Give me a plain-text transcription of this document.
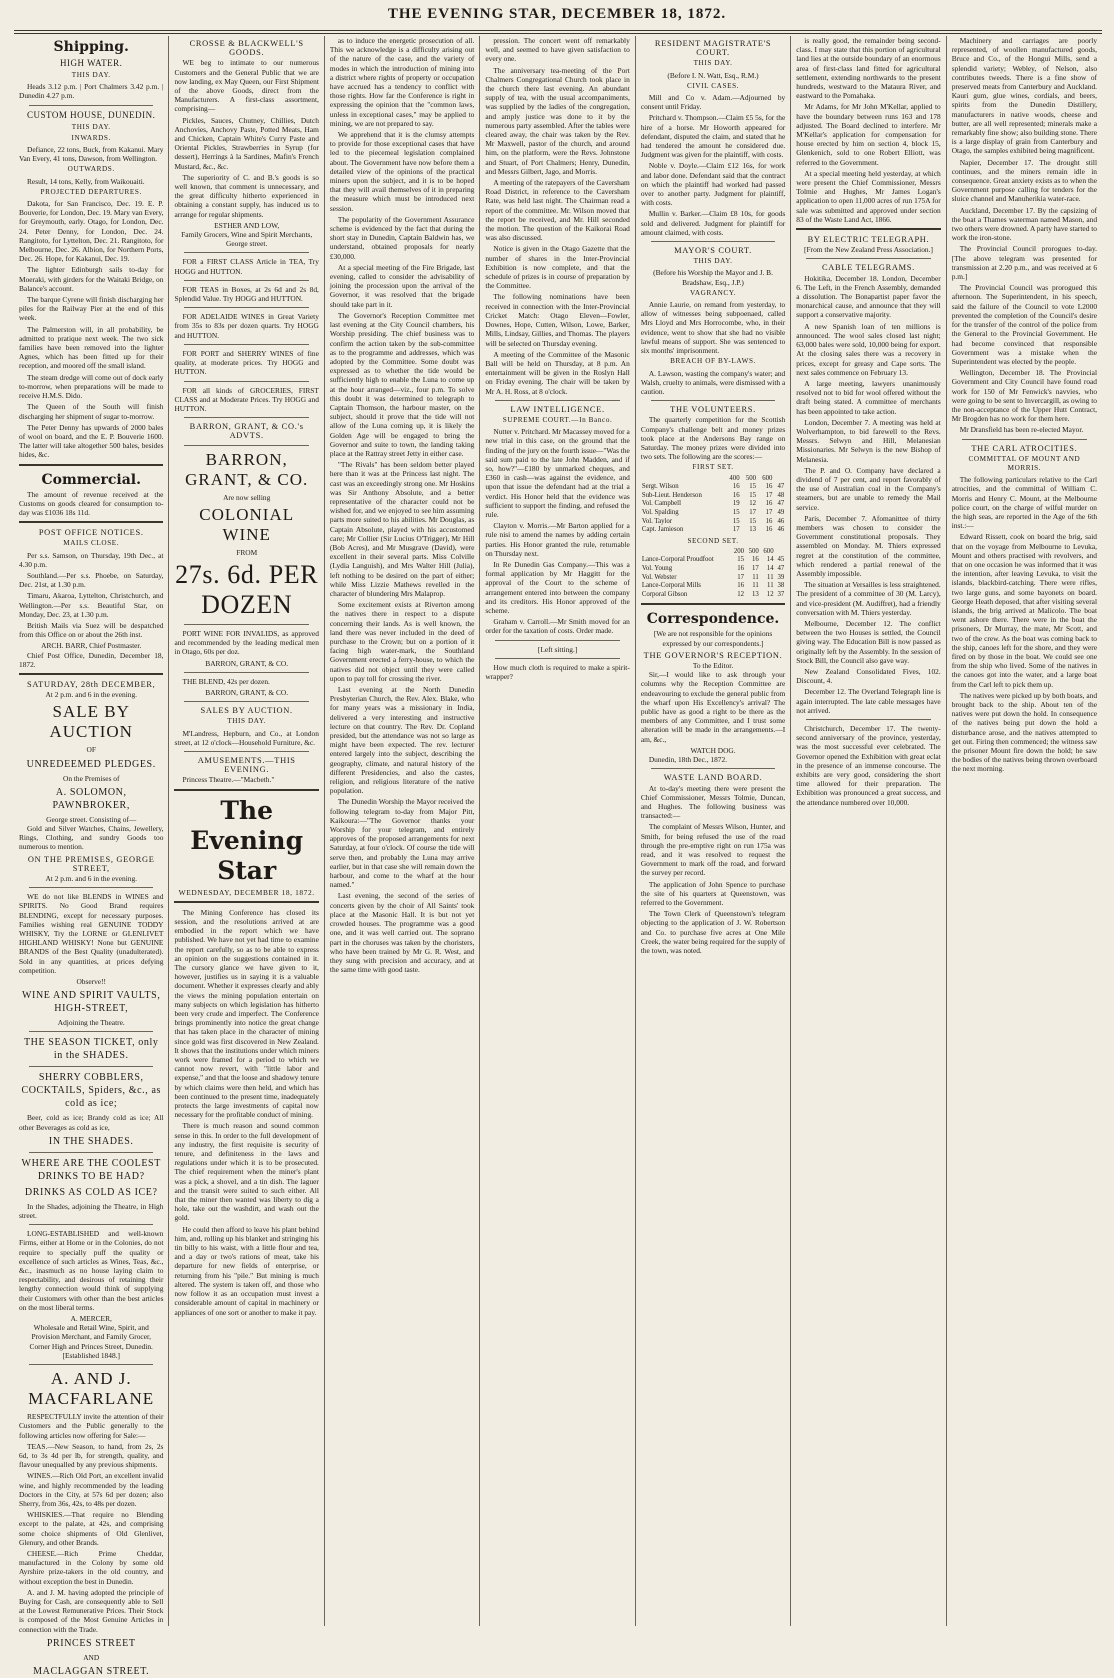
THE EVENING STAR, DECEMBER 18, 1872.
Shipping.
HIGH WATER.
THIS DAY.
Heads 3.12 p.m. | Port Chalmers 3.42 p.m. | Dunedin 4.27 p.m.
CUSTOM HOUSE, DUNEDIN.
THIS DAY.
INWARDS.
Defiance, 22 tons, Buck, from Kakanui. Mary Van Every, 41 tons, Dawson, from Wellington.
OUTWARDS.
Result, 14 tons, Kelly, from Waikouaiti.
PROJECTED DEPARTURES.
Dakota, for San Francisco, Dec. 19. E. P. Bouverie, for London, Dec. 19. Mary van Every, for Greymouth, early. Otago, for London, Dec. 24. Peter Denny, for London, Dec. 24. Rangitoto, for Lyttelton, Dec. 21. Rangitoto, for Melbourne, Dec. 26. Albion, for Northern Ports, Dec. 26. Hope, for Kakanui, Dec. 19.
The lighter Edinburgh sails to-day for Moeraki, with girders for the Waitaki Bridge, on Balance's account.
The barque Cyrene will finish discharging her piles for the Railway Pier at the end of this week.
The Palmerston will, in all probability, be admitted to pratique next week. The two sick families have been removed into the lighter Agnes, which has been fitted up for their reception, and moored off the small island.
The steam dredge will come out of dock early to-morrow, when preparations will be made to receive H.M.S. Dido.
The Queen of the South will finish discharging her shipment of sugar to-morrow.
The Peter Denny has upwards of 2000 bales of wool on board, and the E. P. Bouverie 1600. The latter will take altogether 500 bales, besides hides, &c.
Commercial.
The amount of revenue received at the Customs on goods cleared for consumption to-day was £1036 18s 11d.
POST OFFICE NOTICES.
MAILS CLOSE.
Per s.s. Samson, on Thursday, 19th Dec., at 4.30 p.m.
Southland.—Per s.s. Phoebe, on Saturday, Dec. 21st, at 1.30 p.m.
Timaru, Akaroa, Lyttelton, Christchurch, and Wellington.—Per s.s. Beautiful Star, on Monday, Dec. 23, at 1.30 p.m.
British Mails via Suez will be despatched from this Office on or about the 26th inst.
ARCH. BARR, Chief Postmaster.
Chief Post Office, Dunedin, December 18, 1872.
SATURDAY, 28th DECEMBER,
At 2 p.m. and 6 in the evening.
SALE BY AUCTION
OF
UNREDEEMED PLEDGES.
On the Premises of
A. SOLOMON, PAWNBROKER,
George street. Consisting of—
Gold and Silver Watches, Chains, Jewellery, Rings, Clothing, and sundry Goods too numerous to mention.
ON THE PREMISES, GEORGE STREET,
At 2 p.m. and 6 in the evening.
WE do not like BLENDS in WINES and SPIRITS. No Good Brand requires BLENDING, except for necessary purposes. Families wishing real GENUINE TODDY WHISKY, Try the LORNE or GLENLIVET HIGHLAND WHISKY! None but GENUINE BRANDS of the Best Quality (unadulterated). Sold in any quantities, at prices defying competition.
Observe!!
WINE AND SPIRIT VAULTS, HIGH-STREET,
Adjoining the Theatre.
THE SEASON TICKET, only in the SHADES.
SHERRY COBBLERS, COCKTAILS, Spiders, &c., as cold as ice;
Beer, cold as ice; Brandy cold as ice; All other Beverages as cold as ice,
IN THE SHADES.
WHERE ARE THE COOLEST DRINKS TO BE HAD?
DRINKS AS COLD AS ICE?
In the Shades, adjoining the Theatre, in High street.
LONG-ESTABLISHED and well-known Firms, either at Home or in the Colonies, do not require to specially puff the quality or excellence of such articles as Wines, Teas, &c., &c., inasmuch as no house laying claim to respectability, and desirous of retaining their lengthy connection would think of supplying their Customers with other than the best articles on the most liberal terms.
A. MERCER,
Wholesale and Retail Wine, Spirit, and Provision Merchant, and Family Grocer,
Corner High and Princes Street, Dunedin.
[Established 1848.]
A. AND J. MACFARLANE
RESPECTFULLY invite the attention of their Customers and the Public generally to the following articles now offering for Sale:—
TEAS.—New Season, to hand, from 2s, 2s 6d, to 3s 4d per lb, for strength, quality, and flavour unequalled by any previous shipments.
WINES.—Rich Old Port, an excellent invalid wine, and highly recommended by the leading Doctors in the City, at 57s 6d per dozen; also Sherry, from 36s, 42s, to 48s per dozen.
WHISKIES.—That require no Blending except to the palate, at 42s, and comprising some choice shipments of Old Glenlivet, Glenury, and other Brands.
CHEESE.—Rich Prime Cheddar, manufactured in the Colony by some old Ayrshire prize-takers in the old country, and without exception the best in Dunedin.
A. and J. M. having adopted the principle of Buying for Cash, are consequently able to Sell at the Lowest Remunerative Prices. Their Stock is composed of the Most Genuine Articles in connection with the Trade.
PRINCES STREET
AND
MACLAGGAN STREET.
CROSSE & BLACKWELL'S GOODS.
WE beg to intimate to our numerous Customers and the General Public that we are now landing, ex May Queen, our First Shipment of the above Goods, direct from the Manufacturers. A first-class assortment, comprising—
Pickles, Sauces, Chutney, Chillies, Dutch Anchovies, Anchovy Paste, Potted Meats, Ham and Chicken, Captain White's Curry Paste and Oriental Pickles, Strawberries in Syrup (for dessert), Herrings à la Sardines, Mafin's French Mustard, &c., &c.
The superiority of C. and B.'s goods is so well known, that comment is unnecessary, and the great difficulty hitherto experienced in obtaining a constant supply, has induced us to arrange for regular shipments.
ESTHER AND LOW,
Family Grocers, Wine and Spirit Merchants, George street.
FOR a FIRST CLASS Article in TEA, Try HOGG and HUTTON.
FOR TEAS in Boxes, at 2s 6d and 2s 8d, Splendid Value. Try HOGG and HUTTON.
FOR ADELAIDE WINES in Great Variety from 35s to 83s per dozen quarts. Try HOGG and HUTTON.
FOR PORT and SHERRY WINES of fine quality, at moderate prices. Try HOGG and HUTTON.
FOR all kinds of GROCERIES, FIRST CLASS and at Moderate Prices. Try HOGG and HUTTON.
BARRON, GRANT, & CO.'s ADVTS.
BARRON, GRANT, & CO.
Are now selling
COLONIAL WINE
FROM
27s. 6d. PER DOZEN
PORT WINE FOR INVALIDS, as approved and recommended by the leading medical men in Otago, 60s per doz.
BARRON, GRANT, & CO.
THE BLEND, 42s per dozen.
BARRON, GRANT, & CO.
SALES BY AUCTION.
THIS DAY.
M'Landress, Hepburn, and Co., at London street, at 12 o'clock—Household Furniture, &c.
AMUSEMENTS.—THIS EVENING.
Princess Theatre.—"Macbeth."
The Evening Star
WEDNESDAY, DECEMBER 18, 1872.
The Mining Conference has closed its session, and the resolutions arrived at are embodied in the report which we have published. We have not yet had time to examine the report carefully, so as to be able to express an opinion on the suggestions contained in it. The cursory glance we have given to it, however, justifies us in saying it is a valuable document. Whether it expresses clearly and ably the views the mining population entertain on many subjects on which legislation has hitherto been very crude and imperfect. The Conference brings prominently into notice the great change that has taken place in the character of mining since gold was first discovered in New Zealand. It shows that the institutions under which miners work were framed for a period to which we cannot now revert, with "little labor and expense," and that the loose and shadowy tenure by which claims were then held, and which has been continued to the present time, inadequately protects the large investments of capital now necessary for the profitable conduct of mining.
There is much reason and sound common sense in this. In order to the full development of any industry, the first requisite is security of tenure, and definiteness in the laws and regulations under which it is to be prosecuted. The chief requirement when the miner's plant was a pick, a shovel, and a tin dish. The laguer and the transit were suited to such either. All that the miner then wanted was liberty to dig a hole, take out the washdirt, and wash out the gold.
He could then afford to leave his plant behind him, and, rolling up his blanket and stringing his tin billy to his waist, with a little flour and tea, and a day or two's rations of meat, take his departure for new fields of enterprise, or returning from his "pile." But mining is much altered. The system is taken off, and those who now follow it as an occupation must invest a considerable amount of capital in machinery or appliances of one sort or another to make it pay.
as to induce the energetic prosecution of all. This we acknowledge is a difficulty arising out of the nature of the case, and the variety of modes in which the introduction of mining into a district where rights of property or occupation have accrued has a tendency to conflict with those rights. How far the Conference is right in expressing the opinion that the "common laws, unless in exceptional cases," may be applied to mining, we are not prepared to say.
We apprehend that it is the clumsy attempts to provide for those exceptional cases that have led to the piecemeal legislation complained about. The Government have now before them a detailed view of the opinions of the practical miners upon the subject, and it is to be hoped that they will avail themselves of it in preparing the measure which must be introduced next session.
The popularity of the Government Assurance scheme is evidenced by the fact that during the short stay in Dunedin, Captain Baldwin has, we understand, obtained proposals for nearly £30,000.
At a special meeting of the Fire Brigade, last evening, called to consider the advisability of joining the procession upon the arrival of the Governor, it was resolved that the brigade should take part in it.
The Governor's Reception Committee met last evening at the City Council chambers, his Worship presiding. The chief business was to confirm the action taken by the sub-committee as to the programme and addresses, which was adopted by the Committee. Some doubt was expressed as to whether the tide would be sufficiently high to enable the Luna to come up at the hour arranged—viz., four p.m. To solve this doubt it was determined to telegraph to Captain Thomson, the harbour master, on the subject, should it prove that the tide will not allow of the Luna coming up, it is likely the Golden Age will be engaged to bring the Governor and suite to town, the landing taking place at the Rattray street Jetty in either case.
"The Rivals" has been seldom better played here than it was at the Princess last night. The cast was an exceedingly strong one. Mr Hoskins was Sir Anthony Absolute, and a better representative of the character could not be wished for, and we enjoyed to see him assuming parts more suited to his abilities. Mr Douglas, as Captain Absolute, played with his accustomed care; Mr Collier (Sir Lucius O'Trigger), Mr Hill (Bob Acres), and Mr Musgrave (David), were excellent in their several parts. Miss Colville (Lydia Languish), and Mrs Walter Hill (Julia), left nothing to be desired on the part of either; while Miss Lizzie Mathews revelled in the character of blundering Mrs Malaprop.
Some excitement exists at Riverton among the natives there in respect to a dispute concerning their lands. As is well known, the land there was never included in the deed of purchase to the Crown; but on a portion of it facing high water-mark, the Southland Government erected a ferry-house, to which the natives did not object until they were called upon to pay toll for crossing the river.
Last evening at the North Dunedin Presbyterian Church, the Rev. Alex. Blake, who for many years was a missionary in India, delivered a very interesting and instructive lecture on that country. The Rev. Dr. Copland presided, but the attendance was not so large as might have been expected. The rev. lecturer entered largely into the subject, describing the geography, climate, and natural history of the different Presidencies, and also the castes, religion, and religious literature of the native population.
The Dunedin Worship the Mayor received the following telegram to-day from Major Pitt, Kaikoura:—"The Governor thanks your Worship for your telegram, and entirely approves of the proposed arrangements for next Saturday, at four o'clock. Of course the tide will serve then, and probably the Luna may arrive earlier, but in that case she will remain down the harbour, and come to the wharf at the hour named."
Last evening, the second of the series of concerts given by the choir of All Saints' took place at the Masonic Hall. It is but not yet crowded houses. The programme was a good one, and it was well carried out. The soprano part in the choruses was taken by the choristers, who have been trained by Mr G. R. West, and they sung with precision and accuracy, and at the same time with good taste.
pression. The concert went off remarkably well, and seemed to have given satisfaction to every one.
The anniversary tea-meeting of the Port Chalmers Congregational Church took place in the church there last evening. An abundant supply of tea, with the usual accompaniments, was supplied by the ladies of the congregation, and amply justice was done to it by the numerous party assembled. After the tables were cleared away, the chair was taken by the Rev. Mr Maxwell, pastor of the church, and around him, on the platform, were the Revs. Johnstone and Stuart, of Port Chalmers; Henry, Dunedin, and Messrs Gilbert, Jago, and Morris.
A meeting of the ratepayers of the Caversham Road District, in reference to the Caversham Rate, was held last night. The Chairman read a report of the committee. Mr. Wilson moved that the report be received, and Mr. Hill seconded the motion. The question of the Kaikorai Road was also discussed.
Notice is given in the Otago Gazette that the number of shares in the Inter-Provincial Exhibition is now complete, and that the schedule of prizes is in course of preparation by the Committee.
The following nominations have been received in connection with the Inter-Provincial Cricket Match: Otago Eleven—Fowler, Downes, Hope, Cutten, Wilson, Lowe, Barker, Mills, Lindsay, Gillies, and Thomas. The players will be selected on Thursday evening.
A meeting of the Committee of the Masonic Ball will be held on Thursday, at 8 p.m. An entertainment will be given in the Roslyn Hall on Friday evening. The chair will be taken by Mr A. H. Ross, at 8 o'clock.
LAW INTELLIGENCE.
SUPREME COURT.—In Banco.
Nutter v. Pritchard. Mr Macassey moved for a new trial in this case, on the ground that the finding of the jury on the fourth issue—"Was the said sum paid to the late John Madden, and if so, how?"—£180 by unmarked cheques, and £360 in cash—was against the evidence, and upon that issue the defendant had at the trial a verdict. His Honor held that the evidence was sufficient to support the finding, and refused the rule.
Clayton v. Morris.—Mr Barton applied for a rule nisi to amend the names by adding certain parties. His Honor granted the rule, returnable on Thursday next.
In Re Dunedin Gas Company.—This was a formal application by Mr Haggitt for the approval of the Court to the scheme of arrangement entered into between the company and its creditors. His Honor approved of the scheme.
Graham v. Carroll.—Mr Smith moved for an order for the taxation of costs. Order made.
[Left sitting.]
How much cloth is required to make a spirit-wrapper?
RESIDENT MAGISTRATE'S COURT.
THIS DAY.
(Before I. N. Watt, Esq., R.M.)
CIVIL CASES.
Mill and Co v. Adam.—Adjourned by consent until Friday.
Pritchard v. Thompson.—Claim £5 5s, for the hire of a horse. Mr Howorth appeared for defendant, disputed the claim, and stated that he had tendered the amount he considered due. Judgment was given for the plaintiff, with costs.
Noble v. Doyle.—Claim £12 16s, for work and labor done. Defendant said that the contract on which the plaintiff had worked had passed over to another party. Judgment for plaintiff, with costs.
Mullin v. Barker.—Claim £8 10s, for goods sold and delivered. Judgment for plaintiff for amount claimed, with costs.
MAYOR'S COURT.
THIS DAY.
(Before his Worship the Mayor and J. B. Bradshaw, Esq., J.P.)
VAGRANCY.
Annie Laurie, on remand from yesterday, to allow of witnesses being subpoenaed, called Mrs Lloyd and Mrs Horrocombe, who, in their evidence, went to show that she had no visible lawful means of support. She was sentenced to six months' imprisonment.
BREACH OF BY-LAWS.
A. Lawson, wasting the company's water; and Walsh, cruelty to animals, were dismissed with a caution.
THE VOLUNTEERS.
The quarterly competition for the Scottish Company's challenge belt and money prizes took place at the Andersons Bay range on Saturday. The money prizes were divided into two sets. The following are the scores:—
FIRST SET.
	400	500	600	
Sergt. Wilson	16	15	16	47
Sub-Lieut. Henderson	16	15	17	48
Vol. Campbell	19	12	16	47
Vol. Spalding	15	17	17	49
Vol. Taylor	15	15	16	46
Capt. Jamieson	17	13	16	46
SECOND SET.
	200	500	600	
Lance-Corporal Proudfoot	15	16	14	45
Vol. Young	16	17	14	47
Vol. Webster	17	11	11	39
Lance-Corporal Mills	16	11	11	38
Corporal Gibson	12	13	12	37
Correspondence.
[We are not responsible for the opinions expressed by our correspondents.]
THE GOVERNOR'S RECEPTION.
To the Editor.
Sir,—I would like to ask through your columns why the Reception Committee are endeavouring to exclude the general public from the wharf upon His Excellency's arrival? The public have as good a right to be there as the members of any Committee, and I trust some alteration will be made in the arrangements.—I am, &c.,
WATCH DOG.
Dunedin, 18th Dec., 1872.
WASTE LAND BOARD.
At to-day's meeting there were present the Chief Commissioner, Messrs Tolmie, Duncan, and Hughes. The following business was transacted:—
The complaint of Messrs Wilson, Hunter, and Smith, for being refused the use of the road through the pre-emptive right on run 175a was read, and it was resolved to request the Government to mark off the road, and forward the survey per record.
The application of John Spence to purchase the site of his quarters at Queenstown, was referred to the Government.
The Town Clerk of Queenstown's telegram objecting to the application of J. W. Robertson and Co. to purchase five acres at One Mile Creek, the water being required for the supply of the town, was noted.
is really good, the remainder being second-class. I may state that this portion of agricultural land lies at the outside boundary of an enormous area of first-class land fitted for agricultural settlement, extending northwards to the present hundreds, westward to the Mataura River, and eastward to the Pomahaka.
Mr Adams, for Mr John M'Kellar, applied to have the boundary between runs 163 and 178 adjusted. The Board declined to interfere. Mr M'Kellar's application for compensation for house erected by him on section 4, block 15, Glenkenich, sold to one Robert Elliott, was referred to the Government.
At a special meeting held yesterday, at which were present the Chief Commissioner, Messrs Tolmie and Hughes, Mr James Logan's application to open 11,000 acres of run 175A for sale was submitted and approved under section 83 of the Waste Land Act, 1866.
BY ELECTRIC TELEGRAPH.
[From the New Zealand Press Association.]
CABLE TELEGRAMS.
Hokitika, December 18. London, December 6. The Left, in the French Assembly, demanded a dissolution. The Bonapartist paper favor the monarchical cause, and announce that they will support a conservative majority.
A new Spanish loan of ten millions is announced. The wool sales closed last night; 63,000 bales were sold, 10,000 being for export. At the closing sales there was a recovery in prices, except for greasy and Cape sorts. The next sales commence on February 13.
A large meeting, lawyers unanimously resolved not to bid for wool offered without the draft being stated. A committee of merchants has been appointed to take action.
London, December 7. A meeting was held at Wolverhampton, to bid farewell to the Revs. Messrs. Selwyn and Hill, Melanesian Missionaries. Mr Selwyn is the new Bishop of Melanesia.
The P. and O. Company have declared a dividend of 7 per cent, and report favorably of the use of Australian coal in the Company's steamers, but are unable to remedy the Mail service.
Paris, December 7. Afomanittee of thirty members was chosen to consider the Government constitutional proposals. They assembled on Monday. M. Thiers expressed regret at the constitution of the committee, which rendered a partial renewal of the Assembly impossible.
The situation at Versailles is less straightened. The president of a committee of 30 (M. Larcy), and vice-president (M. Audiffret), had a friendly conversation with M. Thiers yesterday.
Melbourne, December 12. The conflict between the two Houses is settled, the Council giving way. The Education Bill is now passed as originally left by the Assembly. In the session of Stock Bill, the Council also gave way.
New Zealand Consolidated Fives, 102. Discount, 4.
December 12. The Overland Telegraph line is again interrupted. The late cable messages have not arrived.
Christchurch, December 17. The twenty-second anniversary of the province, yesterday, was the most successful ever celebrated. The Governor opened the Exhibition with great eclat in the presence of an immense concourse. The exhibits are very good, considering the short time allowed for their preparation. The Exhibition was pronounced a great success, and the attendance numbered over 10,000.
Machinery and carriages are poorly represented, of woollen manufactured goods, Bruce and Co., of the Hongui Mills, send a splendid variety; Webley, of Nelson, also contributes tweeds. There is a fine show of preserved meats from Canterbury and Auckland. Kauri gum, glue wines, cordials, and beers, spirits from the Dunedin Distillery, manufacturers in native woods, cheese and butter, are all well represented; minerals make a remarkably fine show; also building stone. There is a large display of grain from Canterbury and Otago, the samples exhibited being magnificent.
Napier, December 17. The drought still continues, and the miners remain idle in consequence. Great anxiety exists as to when the Government purpose calling for tenders for the sluice channel and Manuherikia water-race.
Auckland, December 17. By the capsizing of the boat a Thames waterman named Mason, and two others were drowned. A party have started to work the iron-stone.
The Provincial Council prorogues to-day. [The above telegram was presented for transmission at 2.20 p.m., and was received at 6 p.m.]
The Provincial Council was prorogued this afternoon. The Superintendent, in his speech, said the failure of the Council to vote L2000 prevented the completion of the Council's desire for the transfer of the control of the police from the General to the Provincial Government. He had become convinced that responsible Government was a mistake when the Superintendent was elected by the people.
Wellington, December 18. The Provincial Government and City Council have found road work for 150 of Mr Fenwick's navvies, who were going to be sent to Invercargill, as owing to the non-acceptance of the Upper Hutt Contract, Mr Brogden has no work for them here.
Mr Dransfield has been re-elected Mayor.
THE CARL ATROCITIES.
COMMITTAL OF MOUNT AND MORRIS.
The following particulars relative to the Carl atrocities, and the committal of William C. Morris and Henry C. Mount, at the Melbourne police court, on the charge of wilful murder on the high seas, are reported in the Age of the 6th inst.:—
Edward Rissett, cook on board the brig, said that on the voyage from Melbourne to Levuka, Mount and others practised with revolvers, and that on one occasion he was informed that it was the intention, after leaving Levuka, to visit the islands, blackbird-catching. There were rifles, two large guns, and some bayonets on board. George Heath deposed, that after visiting several islands, the brig arrived at Malicolo. The boat went ashore there. There were in the boat the prisoners, Dr Murray, the mate, Mr Scott, and two of the crew. As the boat was coming back to the ship, canoes left for the shore, and they were fired on by those in the boat. We could see one from the ship who lived. Some of the natives in the canoes got into the water, and a large boat from the Carl left to pick them up.
The natives were picked up by both boats, and brought back to the ship. About ten of the natives were put down the hold. In consequence of the natives being put down the hold a disturbance arose, and the natives attempted to get out. Firing then commenced; the witness saw the prisoner Mount fire down the hold; he saw the bodies of the natives being thrown overboard the next morning.
